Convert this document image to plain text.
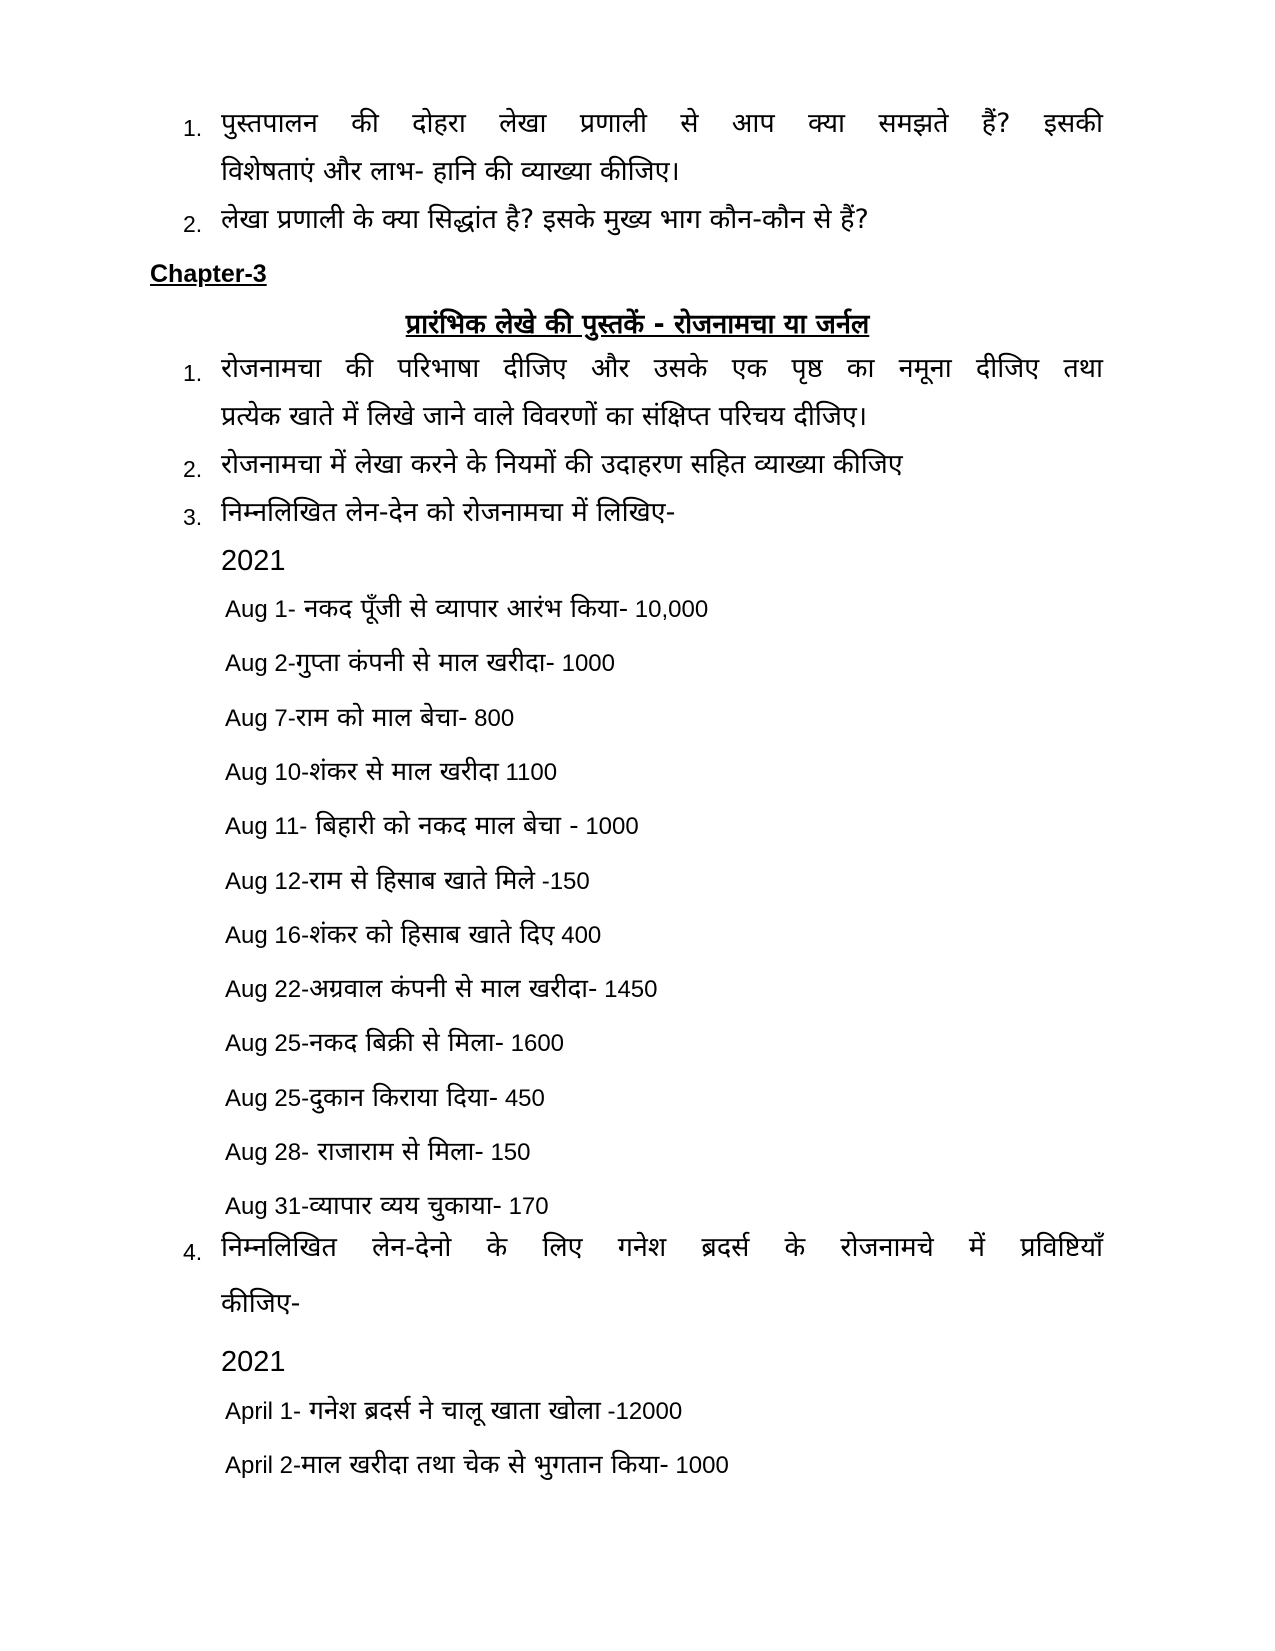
1. पुस्तपालन की दोहरा लेखा प्रणाली से आप क्या समझते हैं? इसकी
विशेषताएं और लाभ- हानि की व्याख्या कीजिए।
2. लेखा प्रणाली के क्या सिद्धांत है? इसके मुख्य भाग कौन-कौन से हैं?
Chapter-3
प्रारंभिक लेखे की पुस्तकें - रोजनामचा या जर्नल
1. रोजनामचा की परिभाषा दीजिए और उसके एक पृष्ठ का नमूना दीजिए तथा
प्रत्येक खाते में लिखे जाने वाले विवरणों का संक्षिप्त परिचय दीजिए।
2. रोजनामचा में लेखा करने के नियमों की उदाहरण सहित व्याख्या कीजिए
3. निम्नलिखित लेन-देन को रोजनामचा में लिखिए-
2021
Aug 1- नकद पूँजी से व्यापार आरंभ किया- 10,000
Aug 2-गुप्ता कंपनी से माल खरीदा- 1000
Aug 7-राम को माल बेचा- 800
Aug 10-शंकर से माल खरीदा 1100
Aug 11- बिहारी को नकद माल बेचा - 1000
Aug 12-राम से हिसाब खाते मिले -150
Aug 16-शंकर को हिसाब खाते दिए 400
Aug 22-अग्रवाल कंपनी से माल खरीदा- 1450
Aug 25-नकद बिक्री से मिला- 1600
Aug 25-दुकान किराया दिया- 450
Aug 28- राजाराम से मिला- 150
Aug 31-व्यापार व्यय चुकाया- 170
4. निम्नलिखित लेन-देनो के लिए गनेश ब्रदर्स के रोजनामचे में प्रविष्टियाँ
कीजिए-
2021
April 1- गनेश ब्रदर्स ने चालू खाता खोला -12000
April 2-माल खरीदा तथा चेक से भुगतान किया- 1000
